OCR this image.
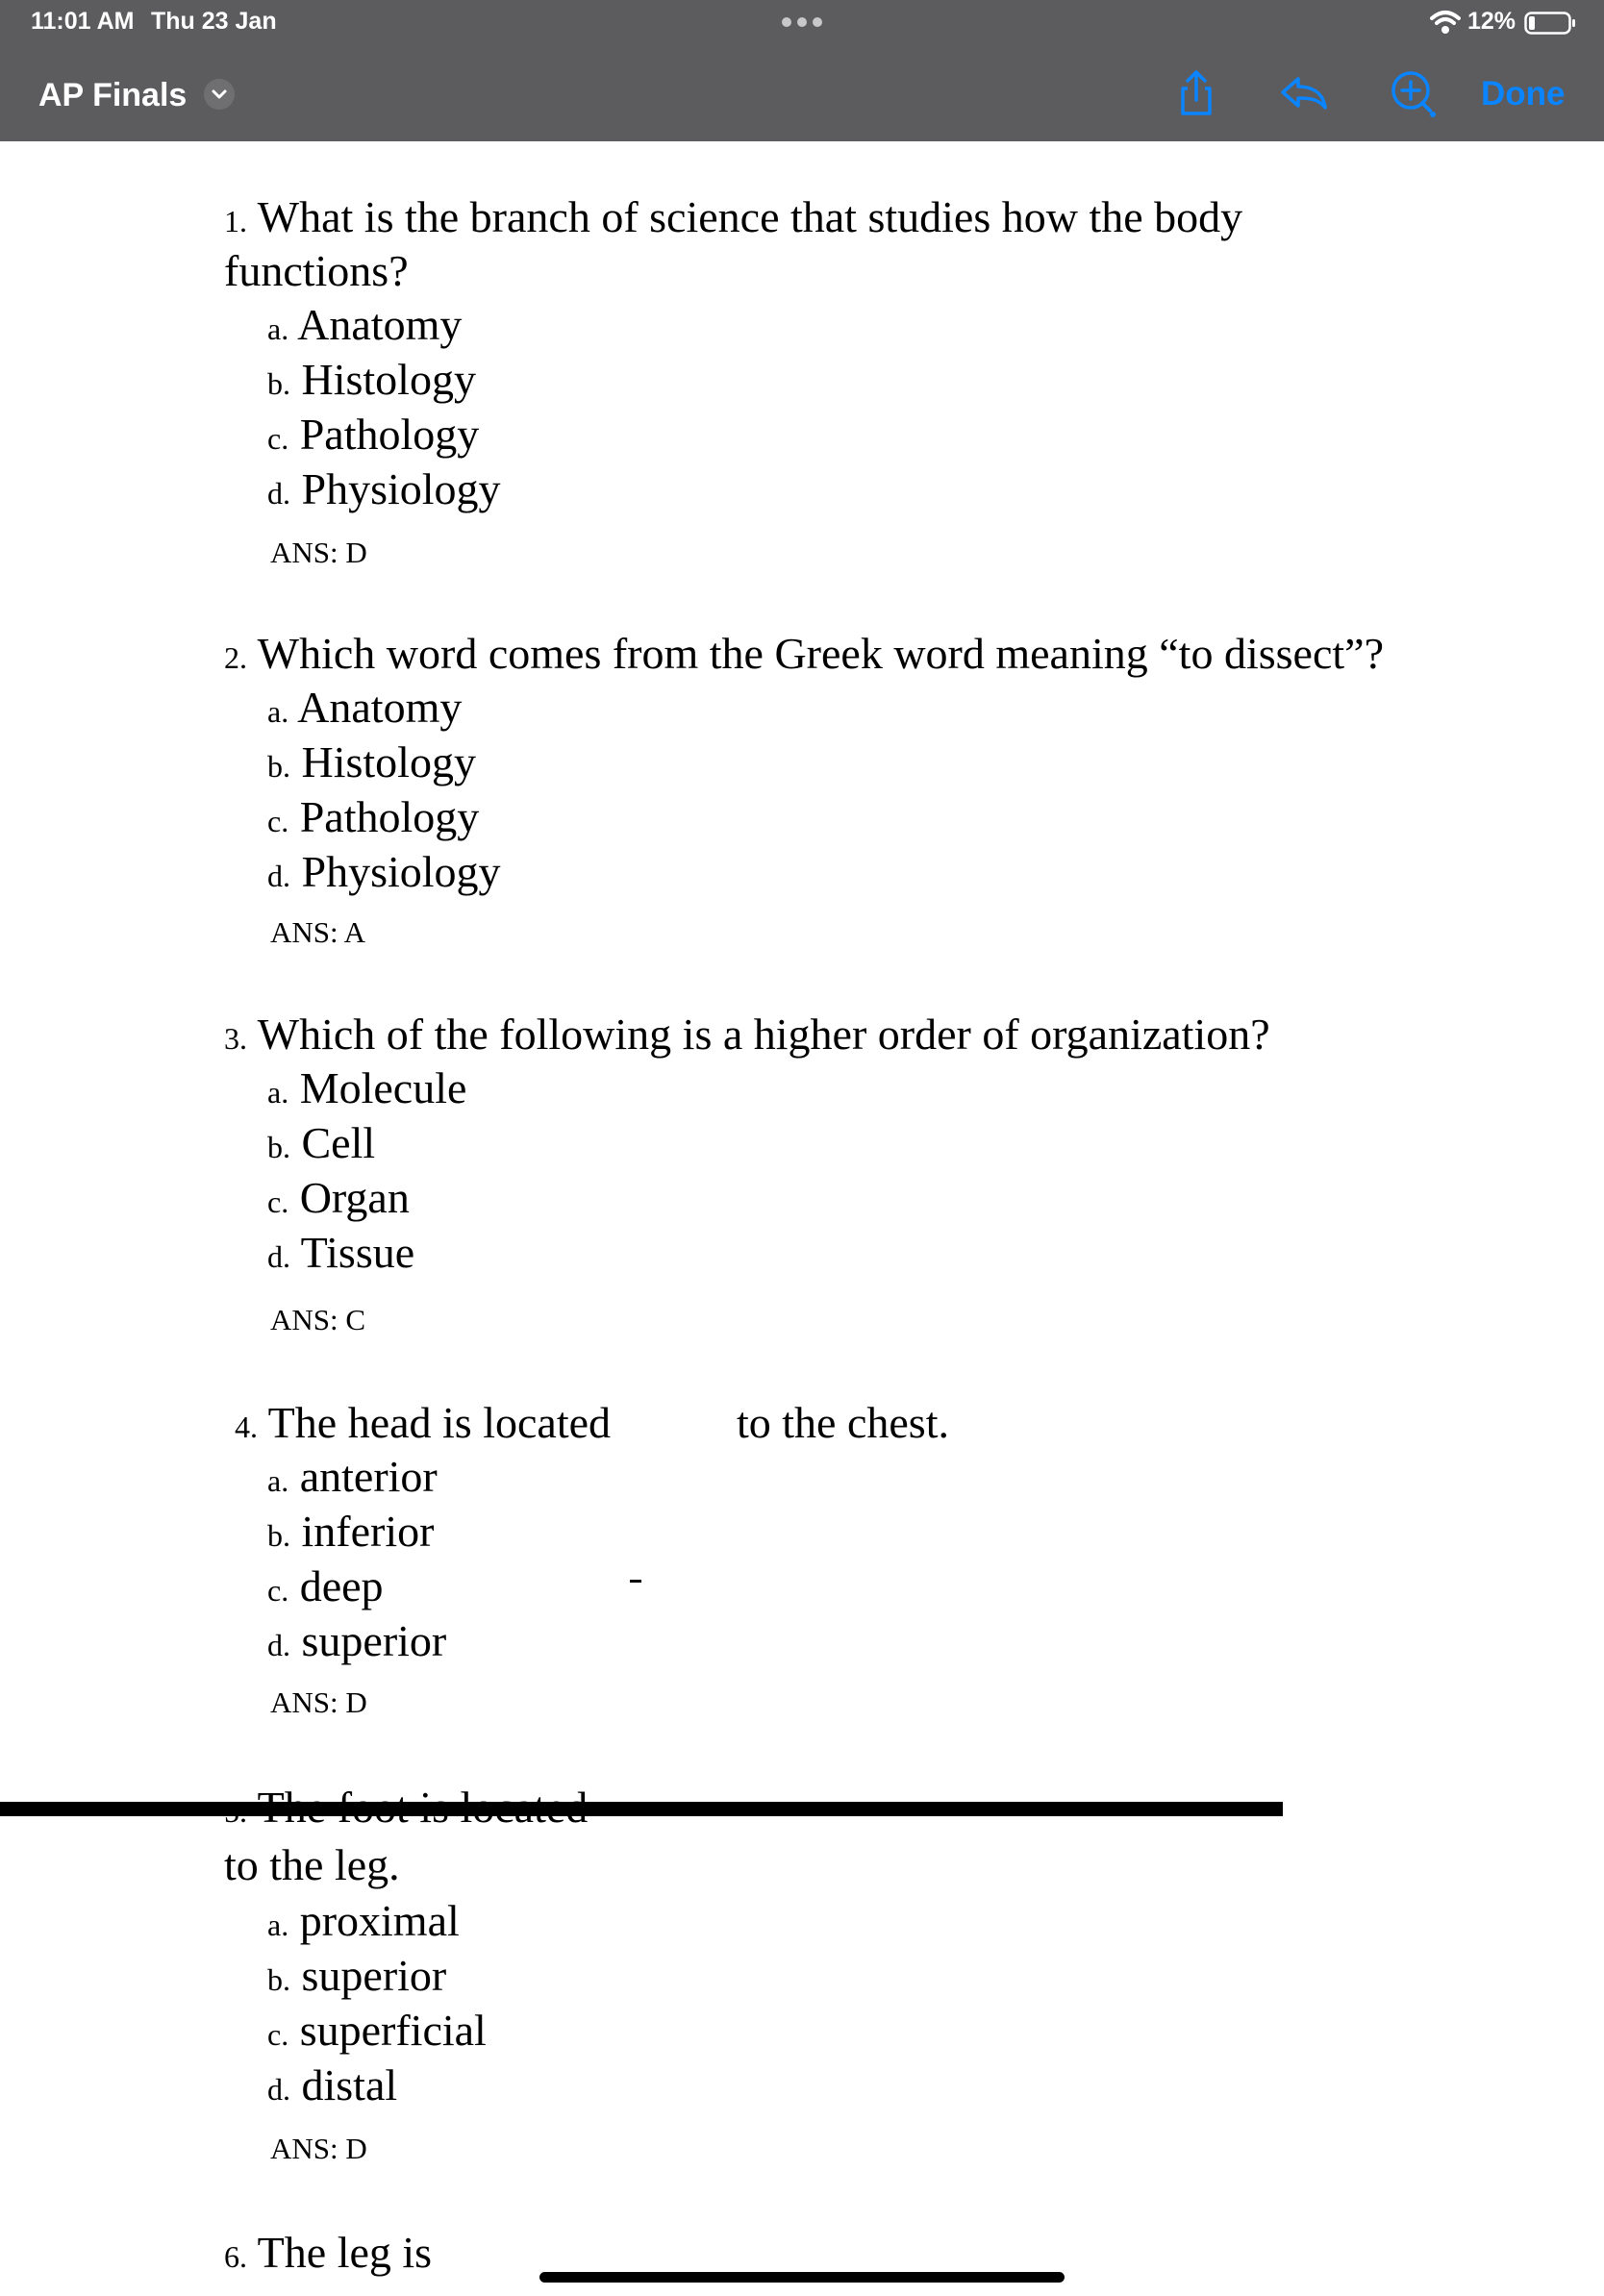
11:01 AM Thu 23 Jan	12%
AP Finals	Done
1. What is the branch of science that studies how the body
functions?
a. Anatomy
b. Histology
c. Pathology
d. Physiology
ANS: D
2. Which word comes from the Greek word meaning “to dissect”?
a. Anatomy
b. Histology
c. Pathology
d. Physiology
ANS: A
3. Which of the following is a higher order of organization?
a. Molecule
b. Cell
c. Organ
d. Tissue
ANS: C
4. The head is located	to the chest.
a. anterior
b. inferior
c. deep
d. superior
ANS: D
5. The foot is located
to the leg.
a. proximal
b. superior
c. superficial
d. distal
ANS: D
6. The leg is
